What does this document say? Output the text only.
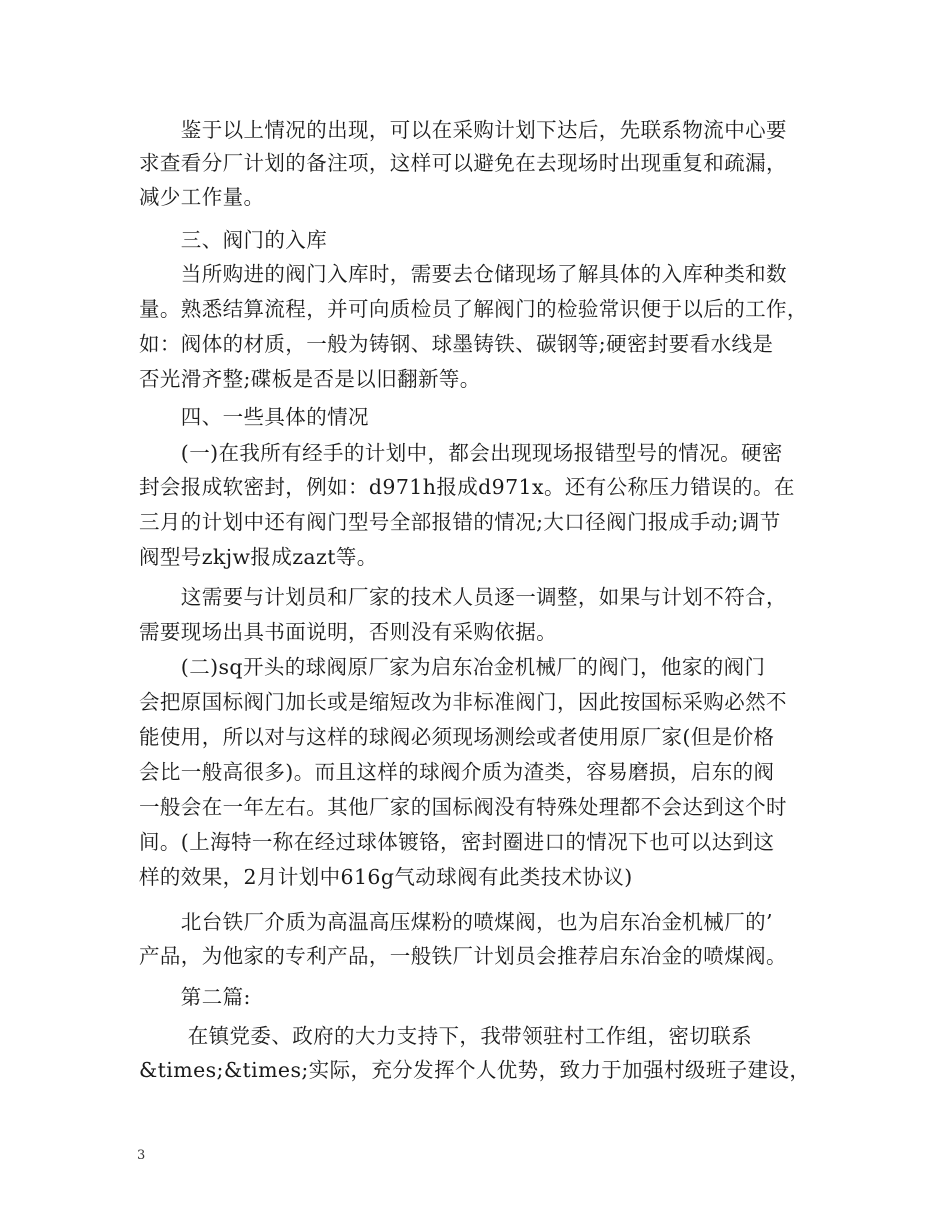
　　鉴于以上情况的出现，可以在采购计划下达后，先联系物流中心要
求查看分厂计划的备注项，这样可以避免在去现场时出现重复和疏漏，
减少工作量。
　　三、阀门的入库
　　当所购进的阀门入库时，需要去仓储现场了解具体的入库种类和数
量。熟悉结算流程，并可向质检员了解阀门的检验常识便于以后的工作，
如：阀体的材质，一般为铸钢、球墨铸铁、碳钢等;硬密封要看水线是
否光滑齐整;碟板是否是以旧翻新等。
　　四、一些具体的情况
　　(一)在我所有经手的计划中，都会出现现场报错型号的情况。硬密
封会报成软密封，例如：d971h报成d971x。还有公称压力错误的。在
三月的计划中还有阀门型号全部报错的情况;大口径阀门报成手动;调节
阀型号zkjw报成zazt等。
　　这需要与计划员和厂家的技术人员逐一调整，如果与计划不符合，
需要现场出具书面说明，否则没有采购依据。
　　(二)sq开头的球阀原厂家为启东冶金机械厂的阀门，他家的阀门
会把原国标阀门加长或是缩短改为非标准阀门，因此按国标采购必然不
能使用，所以对与这样的球阀必须现场测绘或者使用原厂家(但是价格
会比一般高很多)。而且这样的球阀介质为渣类，容易磨损，启东的阀
一般会在一年左右。其他厂家的国标阀没有特殊处理都不会达到这个时
间。(上海特一称在经过球体镀铬，密封圈进口的情况下也可以达到这
样的效果，2月计划中616g气动球阀有此类技术协议)
　　北台铁厂介质为高温高压煤粉的喷煤阀，也为启东冶金机械厂的’
产品，为他家的专利产品，一般铁厂计划员会推荐启东冶金的喷煤阀。
　　第二篇:
　　 在镇党委、政府的大力支持下，我带领驻村工作组，密切联系
&times;&times;实际，充分发挥个人优势，致力于加强村级班子建设，
3
